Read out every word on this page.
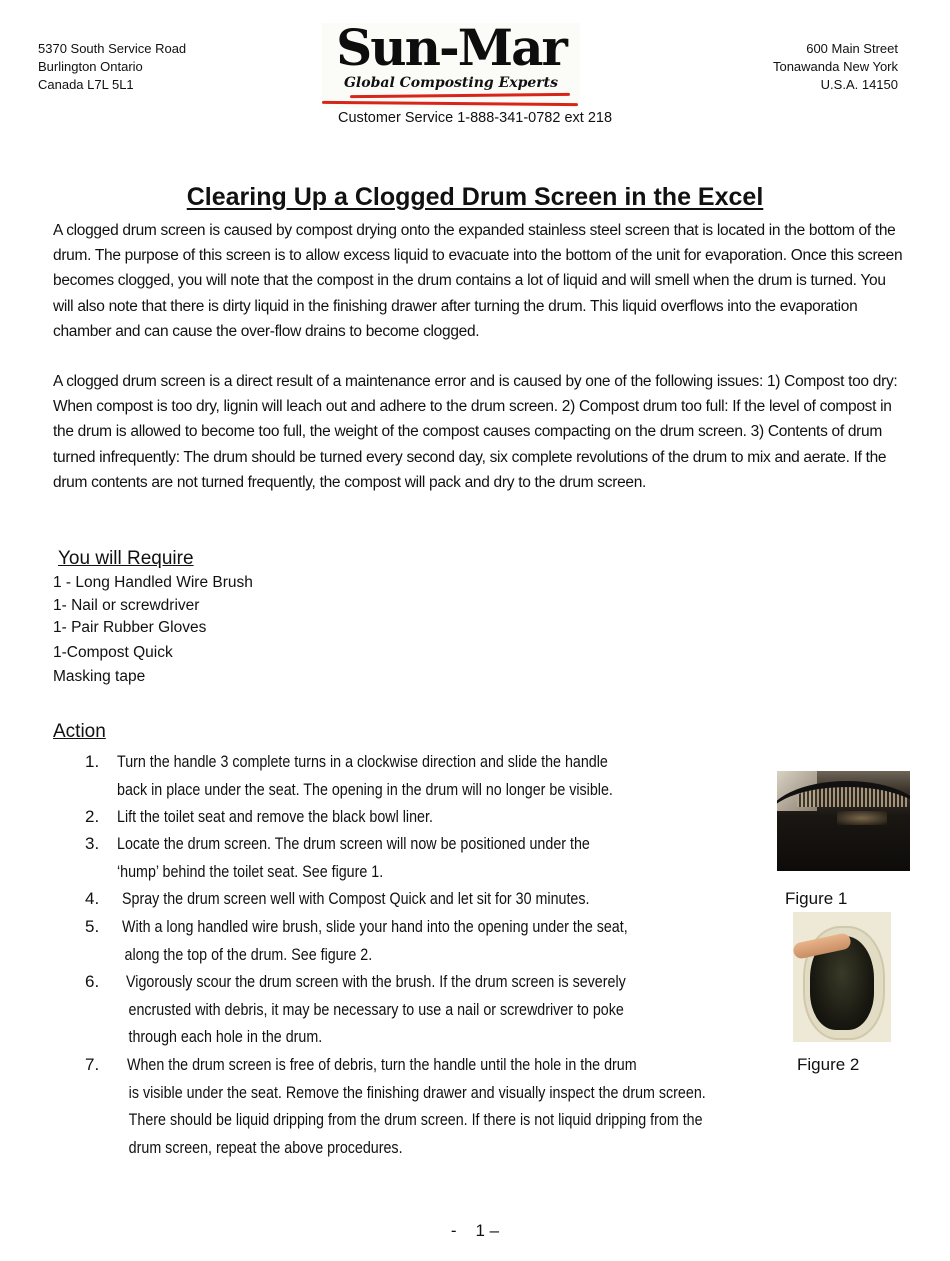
5370 South Service Road
Burlington Ontario
Canada L7L 5L1
Sun-Mar
Global Composting Experts
600 Main Street
Tonawanda New York
U.S.A. 14150
Customer Service 1-888-341-0782 ext 218
Clearing Up a Clogged Drum Screen in the Excel
A clogged drum screen is caused by compost drying onto the expanded stainless steel screen that is located in the bottom of the drum. The purpose of this screen is to allow excess liquid to evacuate into the bottom of the unit for evaporation. Once this screen becomes clogged, you will note that the compost in the drum contains a lot of liquid and will smell when the drum is turned. You will also note that there is dirty liquid in the finishing drawer after turning the drum. This liquid overflows into the evaporation chamber and can cause the over-flow drains to become clogged.
A clogged drum screen is a direct result of a maintenance error and is caused by one of the following issues: 1) Compost too dry: When compost is too dry, lignin will leach out and adhere to the drum screen. 2) Compost drum too full: If the level of compost in the drum is allowed to become too full, the weight of the compost causes compacting on the drum screen. 3) Contents of drum turned infrequently: The drum should be turned every second day, six complete revolutions of the drum to mix and aerate. If the drum contents are not turned frequently, the compost will pack and dry to the drum screen.
You will Require
1 - Long Handled Wire Brush
1- Nail or screwdriver
1- Pair Rubber Gloves
1-Compost Quick
Masking tape
Action
1. Turn the handle 3 complete turns in a clockwise direction and slide the handle
back in place under the seat. The opening in the drum will no longer be visible.
2. Lift the toilet seat and remove the black bowl liner.
3. Locate the drum screen. The drum screen will now be positioned under the
‘hump’ behind the toilet seat. See figure 1.
4. Spray the drum screen well with Compost Quick and let sit for 30 minutes.
5. With a long handled wire brush, slide your hand into the opening under the seat,
along the top of the drum. See figure 2.
6. Vigorously scour the drum screen with the brush. If the drum screen is severely
encrusted with debris, it may be necessary to use a nail or screwdriver to poke
through each hole in the drum.
7. When the drum screen is free of debris, turn the handle until the hole in the drum
is visible under the seat. Remove the finishing drawer and visually inspect the drum screen.
There should be liquid dripping from the drum screen. If there is not liquid dripping from the
drum screen, repeat the above procedures.
Figure 1
Figure 2
-    1 –
